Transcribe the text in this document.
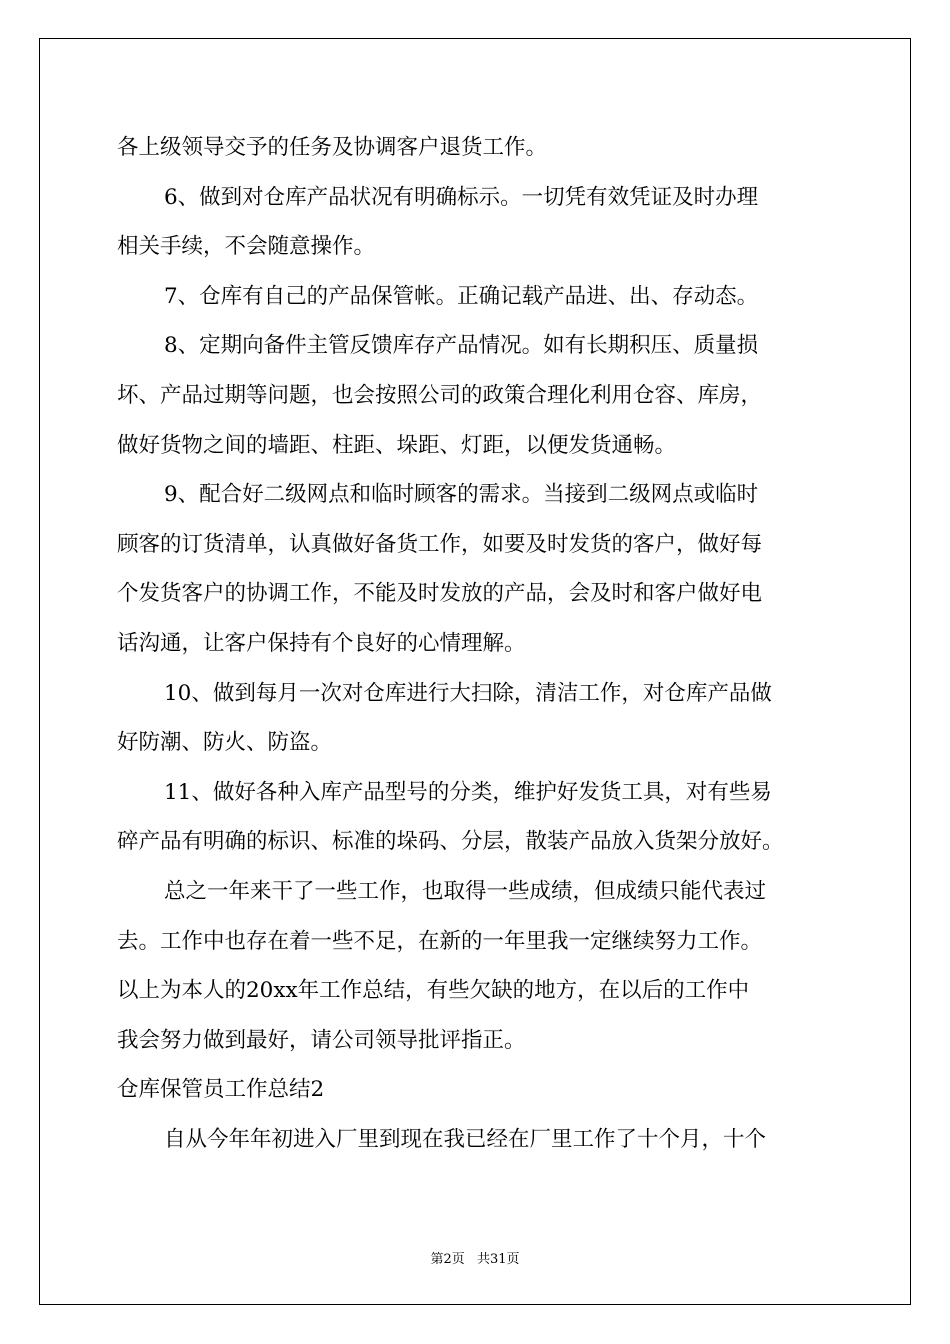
各上级领导交予的任务及协调客户退货工作。
6、做到对仓库产品状况有明确标示。一切凭有效凭证及时办理
相关手续，不会随意操作。
7、仓库有自己的产品保管帐。正确记载产品进、出、存动态。
8、定期向备件主管反馈库存产品情况。如有长期积压、质量损
坏、产品过期等问题，也会按照公司的政策合理化利用仓容、库房，
做好货物之间的墙距、柱距、垛距、灯距，以便发货通畅。
9、配合好二级网点和临时顾客的需求。当接到二级网点或临时
顾客的订货清单，认真做好备货工作，如要及时发货的客户，做好每
个发货客户的协调工作，不能及时发放的产品，会及时和客户做好电
话沟通，让客户保持有个良好的心情理解。
10、做到每月一次对仓库进行大扫除，清洁工作，对仓库产品做
好防潮、防火、防盗。
11、做好各种入库产品型号的分类，维护好发货工具，对有些易
碎产品有明确的标识、标准的垛码、分层，散装产品放入货架分放好。
总之一年来干了一些工作，也取得一些成绩，但成绩只能代表过
去。工作中也存在着一些不足，在新的一年里我一定继续努力工作。
以上为本人的20xx年工作总结，有些欠缺的地方，在以后的工作中
我会努力做到最好，请公司领导批评指正。
仓库保管员工作总结2
自从今年年初进入厂里到现在我已经在厂里工作了十个月，十个
第2页 共31页
